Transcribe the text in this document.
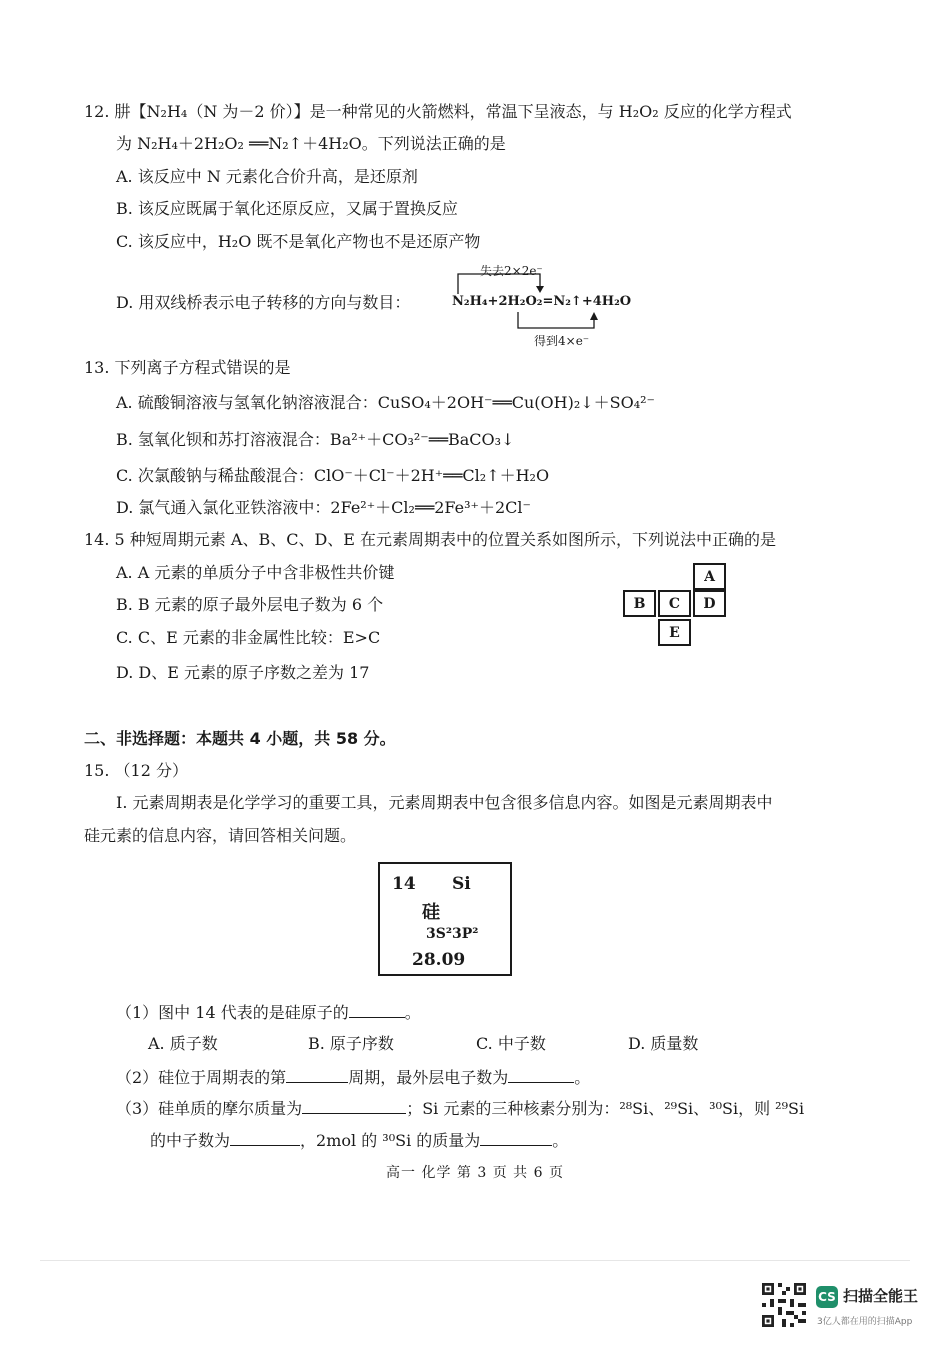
12. 肼【N₂H₄（N 为－2 价）】是一种常见的火箭燃料，常温下呈液态，与 H₂O₂ 反应的化学方程式
为 N₂H₄＋2H₂O₂ ══N₂↑＋4H₂O。下列说法正确的是
A. 该反应中 N 元素化合价升高，是还原剂
B. 该反应既属于氧化还原反应，又属于置换反应
C. 该反应中，H₂O 既不是氧化产物也不是还原产物
D. 用双线桥表示电子转移的方向与数目：
失去2×2e⁻
N₂H₄+2H₂O₂=N₂↑+4H₂O
得到4×e⁻
13. 下列离子方程式错误的是
A. 硫酸铜溶液与氢氧化钠溶液混合：CuSO₄＋2OH⁻══Cu(OH)₂↓＋SO₄²⁻
B. 氢氧化钡和苏打溶液混合：Ba²⁺＋CO₃²⁻══BaCO₃↓
C. 次氯酸钠与稀盐酸混合：ClO⁻＋Cl⁻＋2H⁺══Cl₂↑＋H₂O
D. 氯气通入氯化亚铁溶液中：2Fe²⁺＋Cl₂══2Fe³⁺＋2Cl⁻
14. 5 种短周期元素 A、B、C、D、E 在元素周期表中的位置关系如图所示，下列说法中正确的是
A. A 元素的单质分子中含非极性共价键
B. B 元素的原子最外层电子数为 6 个
C. C、E 元素的非金属性比较：E>C
D. D、E 元素的原子序数之差为 17
A
B	C	D
E
二、非选择题：本题共 4 小题，共 58 分。
15. （12 分）
I. 元素周期表是化学学习的重要工具，元素周期表中包含很多信息内容。如图是元素周期表中
硅元素的信息内容，请回答相关问题。
14 Si
硅
3S²3P²
28.09
（1）图中 14 代表的是硅原子的	。
A. 质子数	B. 原子序数	C. 中子数	D. 质量数
（2）硅位于周期表的第	周期，最外层电子数为	。
（3）硅单质的摩尔质量为	；Si 元素的三种核素分别为：²⁸Si、²⁹Si、³⁰Si，则 ²⁹Si
的中子数为	，2mol 的 ³⁰Si 的质量为	。
高一 化学 第 3 页 共 6 页
CS 扫描全能王
3亿人都在用的扫描App
